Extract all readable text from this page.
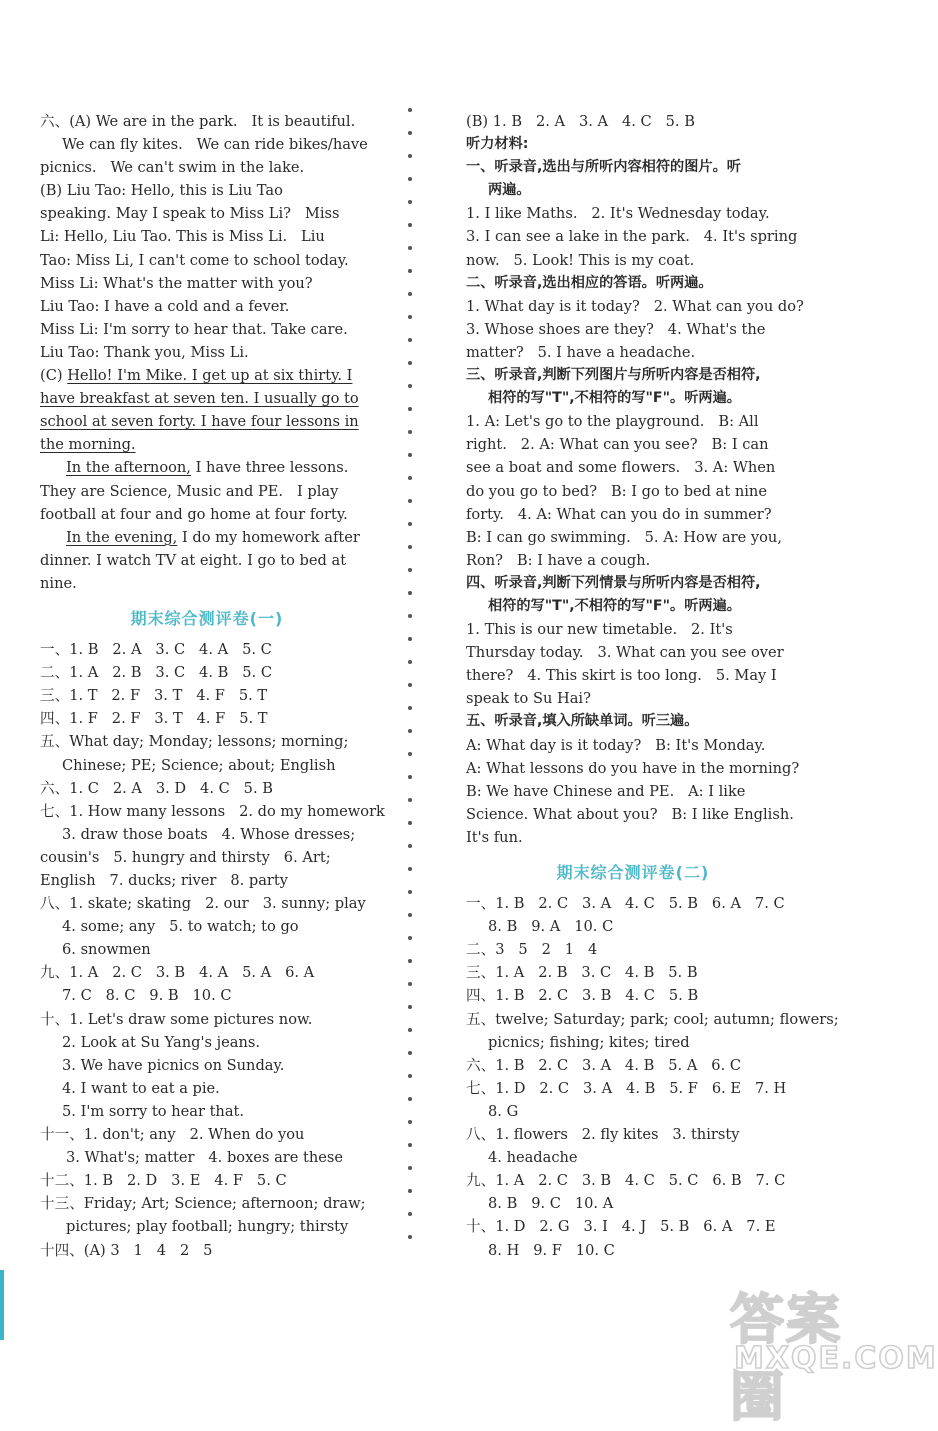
六、(A) We are in the park.   It is beautiful.
We can fly kites.   We can ride bikes/have
picnics.   We can't swim in the lake.
(B) Liu Tao: Hello, this is Liu Tao
speaking. May I speak to Miss Li?   Miss
Li: Hello, Liu Tao. This is Miss Li.   Liu
Tao: Miss Li, I can't come to school today.
Miss Li: What's the matter with you?
Liu Tao: I have a cold and a fever.
Miss Li: I'm sorry to hear that. Take care.
Liu Tao: Thank you, Miss Li.
(C) Hello! I'm Mike. I get up at six thirty. I
have breakfast at seven ten. I usually go to
school at seven forty. I have four lessons in
the morning.
In the afternoon, I have three lessons.
They are Science, Music and PE.   I play
football at four and go home at four forty.
In the evening, I do my homework after
dinner. I watch TV at eight. I go to bed at
nine.
期末综合测评卷(一)
一、1. B   2. A   3. C   4. A   5. C
二、1. A   2. B   3. C   4. B   5. C
三、1. T   2. F   3. T   4. F   5. T
四、1. F   2. F   3. T   4. F   5. T
五、What day; Monday; lessons; morning;
Chinese; PE; Science; about; English
六、1. C   2. A   3. D   4. C   5. B
七、1. How many lessons   2. do my homework
3. draw those boats   4. Whose dresses;
cousin's   5. hungry and thirsty   6. Art;
English   7. ducks; river   8. party
八、1. skate; skating   2. our   3. sunny; play
4. some; any   5. to watch; to go
6. snowmen
九、1. A   2. C   3. B   4. A   5. A   6. A
7. C   8. C   9. B   10. C
十、1. Let's draw some pictures now.
2. Look at Su Yang's jeans.
3. We have picnics on Sunday.
4. I want to eat a pie.
5. I'm sorry to hear that.
十一、1. don't; any   2. When do you
3. What's; matter   4. boxes are these
十二、1. B   2. D   3. E   4. F   5. C
十三、Friday; Art; Science; afternoon; draw;
pictures; play football; hungry; thirsty
十四、(A) 3   1   4   2   5
(B) 1. B   2. A   3. A   4. C   5. B
听力材料:
一、听录音,选出与所听内容相符的图片。听
两遍。
1. I like Maths.   2. It's Wednesday today.
3. I can see a lake in the park.   4. It's spring
now.   5. Look! This is my coat.
二、听录音,选出相应的答语。听两遍。
1. What day is it today?   2. What can you do?
3. Whose shoes are they?   4. What's the
matter?   5. I have a headache.
三、听录音,判断下列图片与所听内容是否相符,
相符的写"T",不相符的写"F"。听两遍。
1. A: Let's go to the playground.   B: All
right.   2. A: What can you see?   B: I can
see a boat and some flowers.   3. A: When
do you go to bed?   B: I go to bed at nine
forty.   4. A: What can you do in summer?
B: I can go swimming.   5. A: How are you,
Ron?   B: I have a cough.
四、听录音,判断下列情景与所听内容是否相符,
相符的写"T",不相符的写"F"。听两遍。
1. This is our new timetable.   2. It's
Thursday today.   3. What can you see over
there?   4. This skirt is too long.   5. May I
speak to Su Hai?
五、听录音,填入所缺单词。听三遍。
A: What day is it today?   B: It's Monday.
A: What lessons do you have in the morning?
B: We have Chinese and PE.   A: I like
Science. What about you?   B: I like English.
It's fun.
期末综合测评卷(二)
一、1. B   2. C   3. A   4. C   5. B   6. A   7. C
8. B   9. A   10. C
二、3   5   2   1   4
三、1. A   2. B   3. C   4. B   5. B
四、1. B   2. C   3. B   4. C   5. B
五、twelve; Saturday; park; cool; autumn; flowers;
picnics; fishing; kites; tired
六、1. B   2. C   3. A   4. B   5. A   6. C
七、1. D   2. C   3. A   4. B   5. F   6. E   7. H
8. G
八、1. flowers   2. fly kites   3. thirsty
4. headache
九、1. A   2. C   3. B   4. C   5. C   6. B   7. C
8. B   9. C   10. A
十、1. D   2. G   3. I   4. J   5. B   6. A   7. E
8. H   9. F   10. C
答案圈
MXQE.COM
